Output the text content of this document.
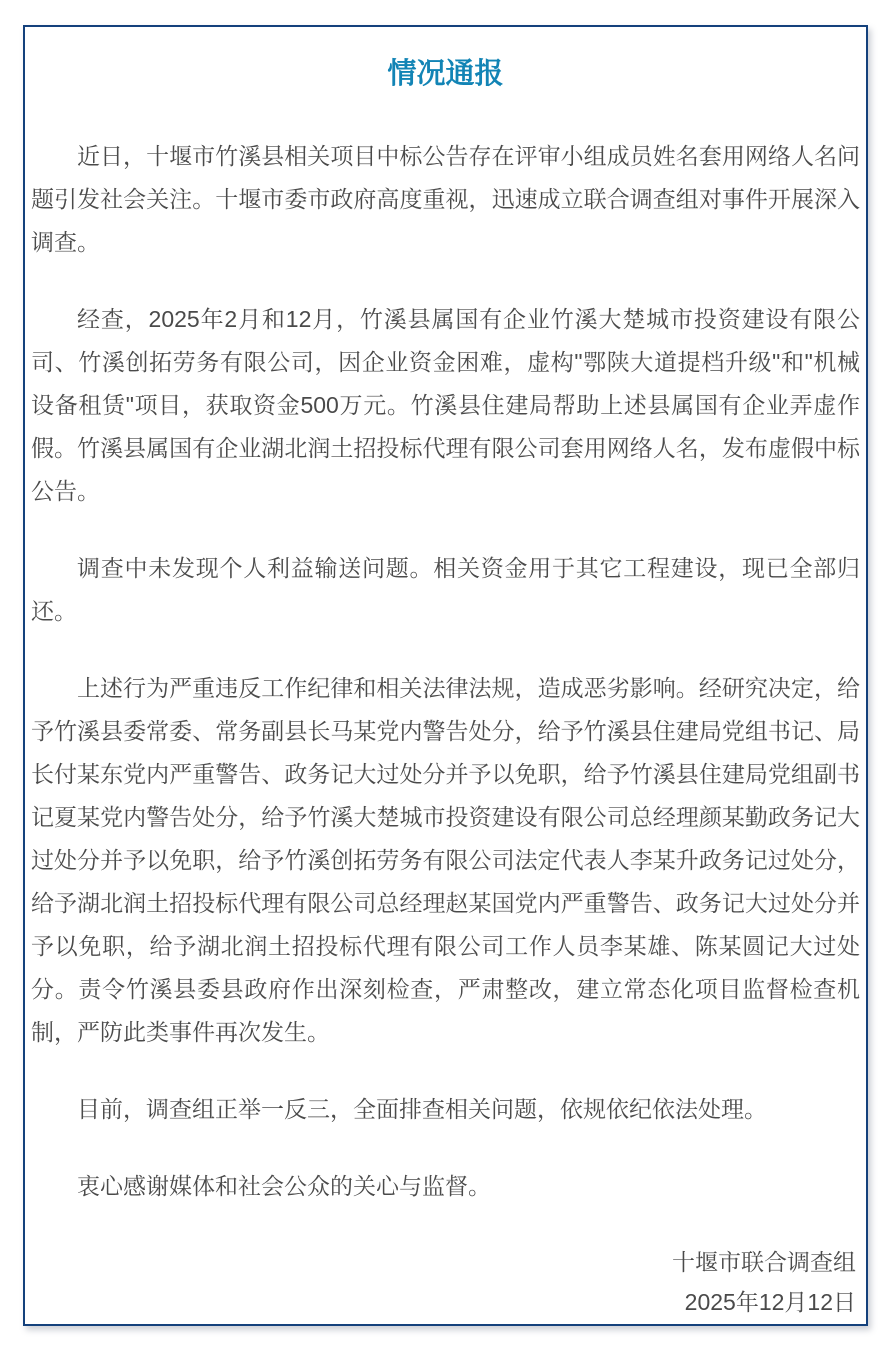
情况通报

近日，十堰市竹溪县相关项目中标公告存在评审小组成员姓名套用网络人名问题引发社会关注。十堰市委市政府高度重视，迅速成立联合调查组对事件开展深入调查。

经查，2025年2月和12月，竹溪县属国有企业竹溪大楚城市投资建设有限公司、竹溪创拓劳务有限公司，因企业资金困难，虚构"鄂陕大道提档升级"和"机械设备租赁"项目，获取资金500万元。竹溪县住建局帮助上述县属国有企业弄虚作假。竹溪县属国有企业湖北润土招投标代理有限公司套用网络人名，发布虚假中标公告。

调查中未发现个人利益输送问题。相关资金用于其它工程建设，现已全部归还。

上述行为严重违反工作纪律和相关法律法规，造成恶劣影响。经研究决定，给予竹溪县委常委、常务副县长马某党内警告处分，给予竹溪县住建局党组书记、局长付某东党内严重警告、政务记大过处分并予以免职，给予竹溪县住建局党组副书记夏某党内警告处分，给予竹溪大楚城市投资建设有限公司总经理颜某勤政务记大过处分并予以免职，给予竹溪创拓劳务有限公司法定代表人李某升政务记过处分，给予湖北润土招投标代理有限公司总经理赵某国党内严重警告、政务记大过处分并予以免职，给予湖北润土招投标代理有限公司工作人员李某雄、陈某圆记大过处分。责令竹溪县委县政府作出深刻检查，严肃整改，建立常态化项目监督检查机制，严防此类事件再次发生。

目前，调查组正举一反三，全面排查相关问题，依规依纪依法处理。

衷心感谢媒体和社会公众的关心与监督。

十堰市联合调查组
2025年12月12日
